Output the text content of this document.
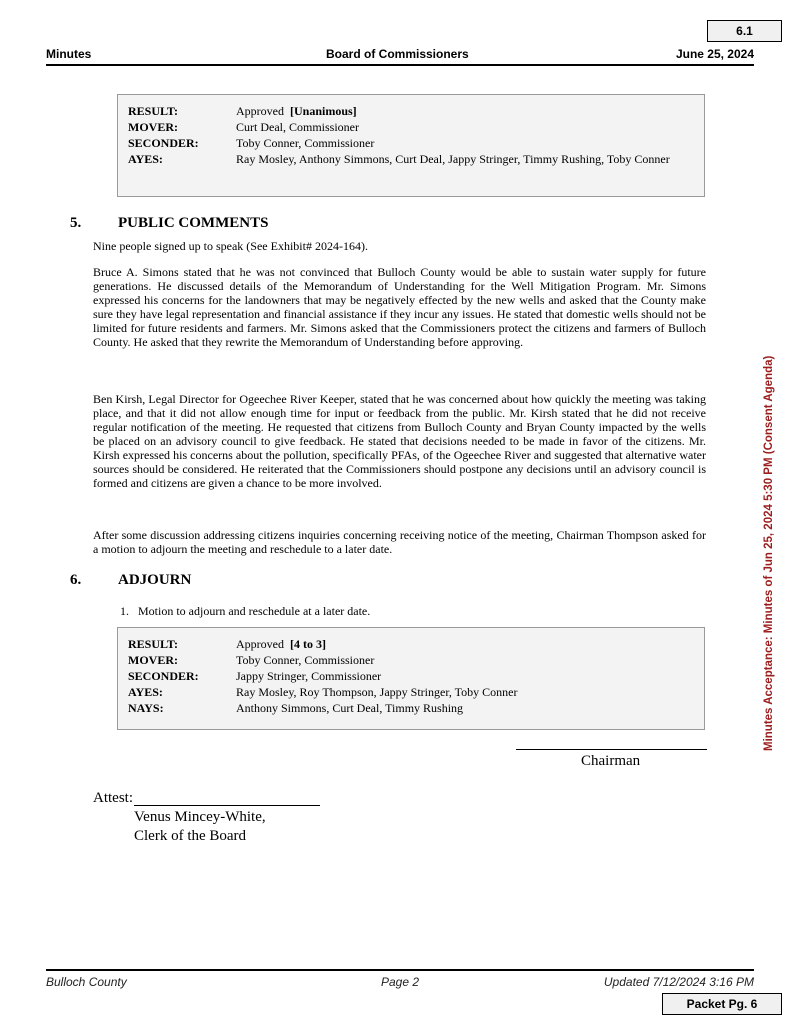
6.1
Minutes	Board of Commissioners	June 25, 2024
RESULT:	Approved [Unanimous]
MOVER:	Curt Deal, Commissioner
SECONDER:	Toby Conner, Commissioner
AYES:	Ray Mosley, Anthony Simmons, Curt Deal, Jappy Stringer, Timmy Rushing, Toby Conner
5. PUBLIC COMMENTS

Nine people signed up to speak (See Exhibit# 2024-164).

Bruce A. Simons stated that he was not convinced that Bulloch County would be able to sustain water supply for future generations. He discussed details of the Memorandum of Understanding for the Well Mitigation Program. Mr. Simons expressed his concerns for the landowners that may be negatively effected by the new wells and asked that the County make sure they have legal representation and financial assistance if they incur any issues. He stated that domestic wells should not be limited for future residents and farmers. Mr. Simons asked that the Commissioners protect the citizens and farmers of Bulloch County. He asked that they rewrite the Memorandum of Understanding before approving.

Ben Kirsh, Legal Director for Ogeechee River Keeper, stated that he was concerned about how quickly the meeting was taking place, and that it did not allow enough time for input or feedback from the public. Mr. Kirsh stated that he did not receive regular notification of the meeting. He requested that citizens from Bulloch County and Bryan County impacted by the wells be placed on an advisory council to give feedback. He stated that decisions needed to be made in favor of the citizens. Mr. Kirsh expressed his concerns about the pollution, specifically PFAs, of the Ogeechee River and suggested that alternative water sources should be considered. He reiterated that the Commissioners should postpone any decisions until an advisory council is formed and citizens are given a chance to be more involved.

After some discussion addressing citizens inquiries concerning receiving notice of the meeting, Chairman Thompson asked for a motion to adjourn the meeting and reschedule to a later date.

6. ADJOURN
1.   Motion to adjourn and reschedule at a later date.
RESULT:	Approved [4 to 3]
MOVER:	Toby Conner, Commissioner
SECONDER:	Jappy Stringer, Commissioner
AYES:	Ray Mosley, Roy Thompson, Jappy Stringer, Toby Conner
NAYS:	Anthony Simmons, Curt Deal, Timmy Rushing
Chairman
Attest:
Venus Mincey-White,
Clerk of the Board
Minutes Acceptance: Minutes of Jun 25, 2024 5:30 PM (Consent Agenda)
Bulloch County	Page 2	Updated 7/12/2024 3:16 PM
Packet Pg. 6
